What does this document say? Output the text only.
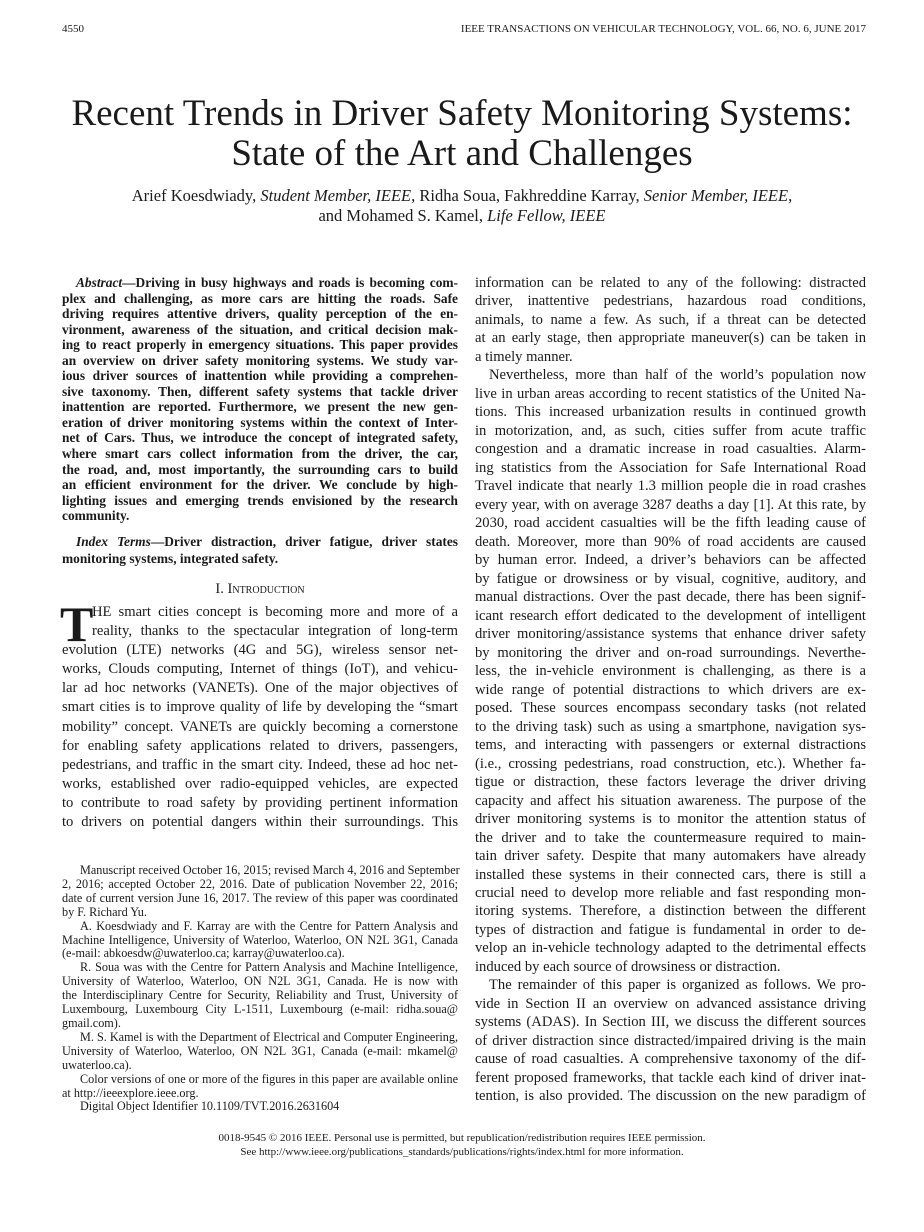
4550	IEEE TRANSACTIONS ON VEHICULAR TECHNOLOGY, VOL. 66, NO. 6, JUNE 2017
Recent Trends in Driver Safety Monitoring Systems:
State of the Art and Challenges
Arief Koesdwiady, Student Member, IEEE, Ridha Soua, Fakhreddine Karray, Senior Member, IEEE,
and Mohamed S. Kamel, Life Fellow, IEEE
Abstract—Driving in busy highways and roads is becoming com-
plex and challenging, as more cars are hitting the roads. Safe
driving requires attentive drivers, quality perception of the en-
vironment, awareness of the situation, and critical decision mak-
ing to react properly in emergency situations. This paper provides
an overview on driver safety monitoring systems. We study var-
ious driver sources of inattention while providing a comprehen-
sive taxonomy. Then, different safety systems that tackle driver
inattention are reported. Furthermore, we present the new gen-
eration of driver monitoring systems within the context of Inter-
net of Cars. Thus, we introduce the concept of integrated safety,
where smart cars collect information from the driver, the car,
the road, and, most importantly, the surrounding cars to build
an efficient environment for the driver. We conclude by high-
lighting issues and emerging trends envisioned by the research
community.
Index Terms—Driver distraction, driver fatigue, driver states
monitoring systems, integrated safety.
I. Introduction
T
HE smart cities concept is becoming more and more of a
reality, thanks to the spectacular integration of long-term
evolution (LTE) networks (4G and 5G), wireless sensor net-
works, Clouds computing, Internet of things (IoT), and vehicu-
lar ad hoc networks (VANETs). One of the major objectives of
smart cities is to improve quality of life by developing the “smart
mobility” concept. VANETs are quickly becoming a cornerstone
for enabling safety applications related to drivers, passengers,
pedestrians, and traffic in the smart city. Indeed, these ad hoc net-
works, established over radio-equipped vehicles, are expected
to contribute to road safety by providing pertinent information
to drivers on potential dangers within their surroundings. This
information can be related to any of the following: distracted
driver, inattentive pedestrians, hazardous road conditions,
animals, to name a few. As such, if a threat can be detected
at an early stage, then appropriate maneuver(s) can be taken in
a timely manner.
Nevertheless, more than half of the world’s population now
live in urban areas according to recent statistics of the United Na-
tions. This increased urbanization results in continued growth
in motorization, and, as such, cities suffer from acute traffic
congestion and a dramatic increase in road casualties. Alarm-
ing statistics from the Association for Safe International Road
Travel indicate that nearly 1.3 million people die in road crashes
every year, with on average 3287 deaths a day [1]. At this rate, by
2030, road accident casualties will be the fifth leading cause of
death. Moreover, more than 90% of road accidents are caused
by human error. Indeed, a driver’s behaviors can be affected
by fatigue or drowsiness or by visual, cognitive, auditory, and
manual distractions. Over the past decade, there has been signif-
icant research effort dedicated to the development of intelligent
driver monitoring/assistance systems that enhance driver safety
by monitoring the driver and on-road surroundings. Neverthe-
less, the in-vehicle environment is challenging, as there is a
wide range of potential distractions to which drivers are ex-
posed. These sources encompass secondary tasks (not related
to the driving task) such as using a smartphone, navigation sys-
tems, and interacting with passengers or external distractions
(i.e., crossing pedestrians, road construction, etc.). Whether fa-
tigue or distraction, these factors leverage the driver driving
capacity and affect his situation awareness. The purpose of the
driver monitoring systems is to monitor the attention status of
the driver and to take the countermeasure required to main-
tain driver safety. Despite that many automakers have already
installed these systems in their connected cars, there is still a
crucial need to develop more reliable and fast responding mon-
itoring systems. Therefore, a distinction between the different
types of distraction and fatigue is fundamental in order to de-
velop an in-vehicle technology adapted to the detrimental effects
induced by each source of drowsiness or distraction.
The remainder of this paper is organized as follows. We pro-
vide in Section II an overview on advanced assistance driving
systems (ADAS). In Section III, we discuss the different sources
of driver distraction since distracted/impaired driving is the main
cause of road casualties. A comprehensive taxonomy of the dif-
ferent proposed frameworks, that tackle each kind of driver inat-
tention, is also provided. The discussion on the new paradigm of
Manuscript received October 16, 2015; revised March 4, 2016 and September
2, 2016; accepted October 22, 2016. Date of publication November 22, 2016;
date of current version June 16, 2017. The review of this paper was coordinated
by F. Richard Yu.
A. Koesdwiady and F. Karray are with the Centre for Pattern Analysis and
Machine Intelligence, University of Waterloo, Waterloo, ON N2L 3G1, Canada
(e-mail: abkoesdw@uwaterloo.ca; karray@uwaterloo.ca).
R. Soua was with the Centre for Pattern Analysis and Machine Intelligence,
University of Waterloo, Waterloo, ON N2L 3G1, Canada. He is now with
the Interdisciplinary Centre for Security, Reliability and Trust, University of
Luxembourg, Luxembourg City L-1511, Luxembourg (e-mail: ridha.soua@
gmail.com).
M. S. Kamel is with the Department of Electrical and Computer Engineering,
University of Waterloo, Waterloo, ON N2L 3G1, Canada (e-mail: mkamel@
uwaterloo.ca).
Color versions of one or more of the figures in this paper are available online
at http://ieeexplore.ieee.org.
Digital Object Identifier 10.1109/TVT.2016.2631604
0018-9545 © 2016 IEEE. Personal use is permitted, but republication/redistribution requires IEEE permission.
See http://www.ieee.org/publications_standards/publications/rights/index.html for more information.
